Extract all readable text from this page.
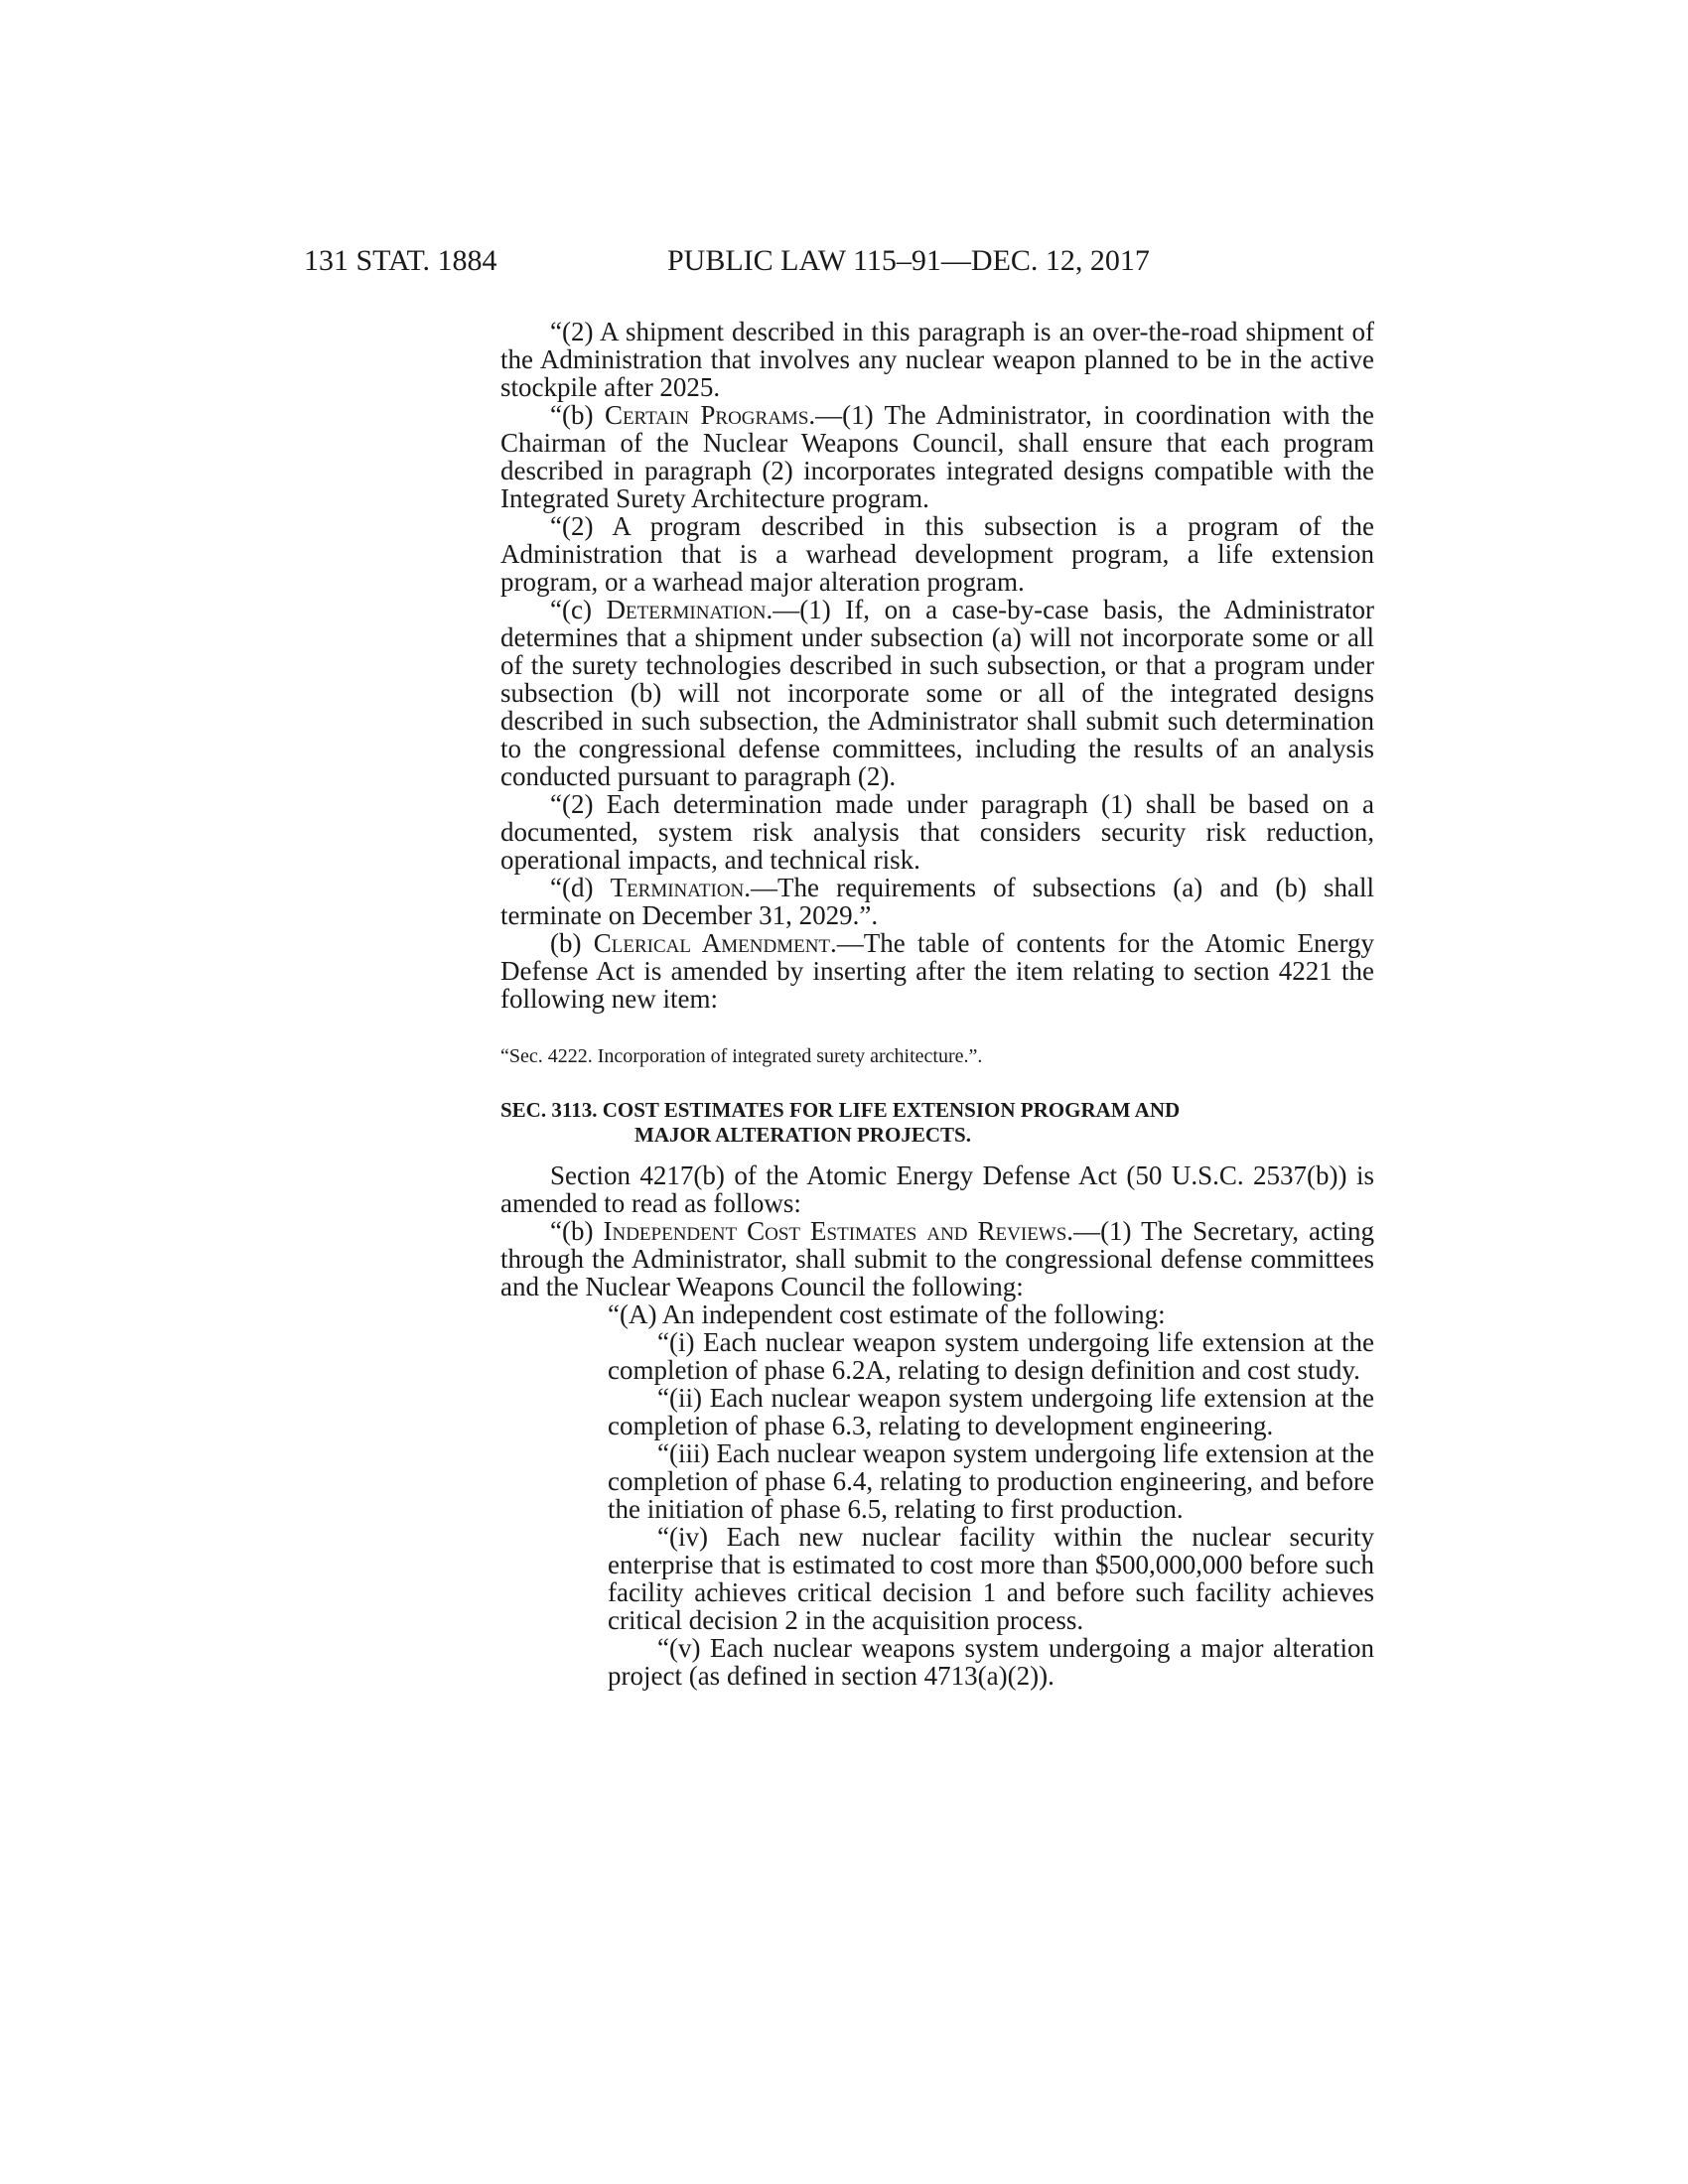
131 STAT. 1884	PUBLIC LAW 115–91—DEC. 12, 2017

“(2) A shipment described in this paragraph is an over-the-road shipment of the Administration that involves any nuclear weapon planned to be in the active stockpile after 2025.

“(b) Certain Programs.—(1) The Administrator, in coordination with the Chairman of the Nuclear Weapons Council, shall ensure that each program described in paragraph (2) incorporates integrated designs compatible with the Integrated Surety Architecture program.

“(2) A program described in this subsection is a program of the Administration that is a warhead development program, a life extension program, or a warhead major alteration program.

“(c) Determination.—(1) If, on a case-by-case basis, the Administrator determines that a shipment under subsection (a) will not incorporate some or all of the surety technologies described in such subsection, or that a program under subsection (b) will not incorporate some or all of the integrated designs described in such subsection, the Administrator shall submit such determination to the congressional defense committees, including the results of an analysis conducted pursuant to paragraph (2).

“(2) Each determination made under paragraph (1) shall be based on a documented, system risk analysis that considers security risk reduction, operational impacts, and technical risk.

“(d) Termination.—The requirements of subsections (a) and (b) shall terminate on December 31, 2029.”.

(b) Clerical Amendment.—The table of contents for the Atomic Energy Defense Act is amended by inserting after the item relating to section 4221 the following new item:

“Sec. 4222. Incorporation of integrated surety architecture.”.

SEC. 3113. COST ESTIMATES FOR LIFE EXTENSION PROGRAM AND
MAJOR ALTERATION PROJECTS.

Section 4217(b) of the Atomic Energy Defense Act (50 U.S.C. 2537(b)) is amended to read as follows:

“(b) Independent Cost Estimates and Reviews.—(1) The Secretary, acting through the Administrator, shall submit to the congressional defense committees and the Nuclear Weapons Council the following:

“(A) An independent cost estimate of the following:

“(i) Each nuclear weapon system undergoing life extension at the completion of phase 6.2A, relating to design definition and cost study.

“(ii) Each nuclear weapon system undergoing life extension at the completion of phase 6.3, relating to development engineering.

“(iii) Each nuclear weapon system undergoing life extension at the completion of phase 6.4, relating to production engineering, and before the initiation of phase 6.5, relating to first production.

“(iv) Each new nuclear facility within the nuclear security enterprise that is estimated to cost more than $500,000,000 before such facility achieves critical decision 1 and before such facility achieves critical decision 2 in the acquisition process.

“(v) Each nuclear weapons system undergoing a major alteration project (as defined in section 4713(a)(2)).
